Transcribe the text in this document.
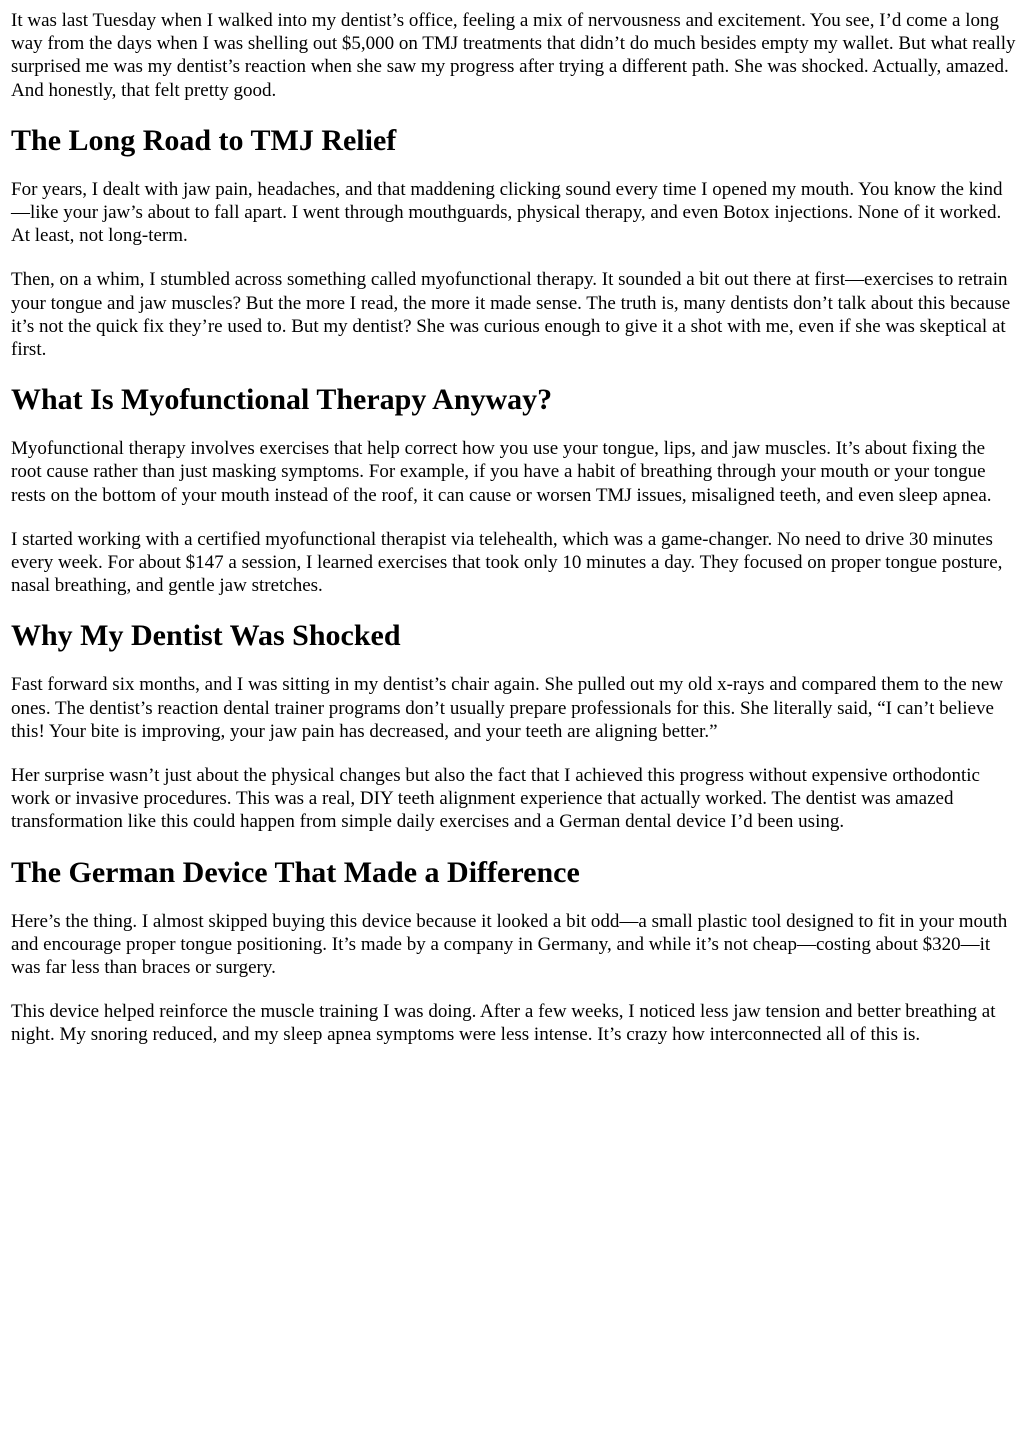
It was last Tuesday when I walked into my dentist’s office, feeling a mix of nervousness and excitement. You see, I’d come a long way from the days when I was shelling out $5,000 on TMJ treatments that didn’t do much besides empty my wallet. But what really surprised me was my dentist’s reaction when she saw my progress after trying a different path. She was shocked. Actually, amazed. And honestly, that felt pretty good.

The Long Road to TMJ Relief

For years, I dealt with jaw pain, headaches, and that maddening clicking sound every time I opened my mouth. You know the kind—like your jaw’s about to fall apart. I went through mouthguards, physical therapy, and even Botox injections. None of it worked. At least, not long-term.

Then, on a whim, I stumbled across something called myofunctional therapy. It sounded a bit out there at first—exercises to retrain your tongue and jaw muscles? But the more I read, the more it made sense. The truth is, many dentists don’t talk about this because it’s not the quick fix they’re used to. But my dentist? She was curious enough to give it a shot with me, even if she was skeptical at first.

What Is Myofunctional Therapy Anyway?

Myofunctional therapy involves exercises that help correct how you use your tongue, lips, and jaw muscles. It’s about fixing the root cause rather than just masking symptoms. For example, if you have a habit of breathing through your mouth or your tongue rests on the bottom of your mouth instead of the roof, it can cause or worsen TMJ issues, misaligned teeth, and even sleep apnea.

I started working with a certified myofunctional therapist via telehealth, which was a game-changer. No need to drive 30 minutes every week. For about $147 a session, I learned exercises that took only 10 minutes a day. They focused on proper tongue posture, nasal breathing, and gentle jaw stretches.

Why My Dentist Was Shocked

Fast forward six months, and I was sitting in my dentist’s chair again. She pulled out my old x-rays and compared them to the new ones. The dentist’s reaction dental trainer programs don’t usually prepare professionals for this. She literally said, “I can’t believe this! Your bite is improving, your jaw pain has decreased, and your teeth are aligning better.”

Her surprise wasn’t just about the physical changes but also the fact that I achieved this progress without expensive orthodontic work or invasive procedures. This was a real, DIY teeth alignment experience that actually worked. The dentist was amazed transformation like this could happen from simple daily exercises and a German dental device I’d been using.

The German Device That Made a Difference

Here’s the thing. I almost skipped buying this device because it looked a bit odd—a small plastic tool designed to fit in your mouth and encourage proper tongue positioning. It’s made by a company in Germany, and while it’s not cheap—costing about $320—it was far less than braces or surgery.

This device helped reinforce the muscle training I was doing. After a few weeks, I noticed less jaw tension and better breathing at night. My snoring reduced, and my sleep apnea symptoms were less intense. It’s crazy how interconnected all of this is.
